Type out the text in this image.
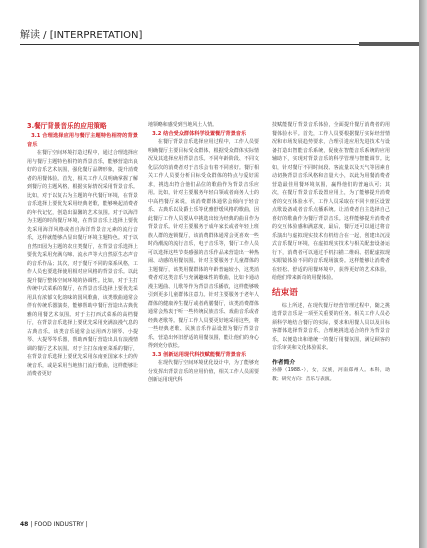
解读 / [INTERPRETATION]
3.餐厅背景音乐的应用策略
3.1 合理选择应用与餐厅主题特色相符的背景音乐

在餐厅空间环境打造过程中，通过合理选择应用与餐厅主题特色相符的背景音乐，能够营造出良好的音乐艺术氛围，强化餐厅品牌形象，提升消费者的用餐体验。首先，相关工作人员明确掌握了解到餐厅的主题风格，根据实际情况采用背景音乐。比如，对于以复古为主题的年代餐厅环境，在背景音乐选择上要优先采用经典老歌，能够唤起消费者的年代记忆，创造出温馨的艺术氛围。对于以海洋为主题的时尚餐厅环境，在背景音乐上选择上要优先采用海洋风格或者自海洋背景音元素的流行音乐，这样就能够凸显出餐厅环境主题特色。对于以自然田园为主题的农庄类餐厅，在背景音乐选择上要优先采用充满乌啼、流水声等大自然原生态声音的音乐作品；其次，对于餐厅不同的菜系风格，工作人员也要选择使用相对应风格的背景音乐。以此提升餐厅整体空间环境的协调性。比如，对于主打传统中式菜系的餐厅，在背景音乐选择上要优先采用具有浓郁文化韵味的国风歌曲，该类歌曲通常会伴有传统乐器演奏，能够帮助中餐厅营造出古典优雅的用餐艺术氛围。对于主打西式菜系的高档餐厅，在背景音乐选择上要优先采用充满浪漫气息的古典音乐。该类音乐通常会运用西方钢琴、小提琴、大提琴等乐器，帮助西餐厅营造出具有浪漫情调的餐厅艺术氛围。对于主打东南亚菜系的餐厅，在背景音乐选择上要优先采用东南亚国家本土的传统音乐，或是采用当地热门流行歌曲，这样能够让消费者更好

地领略和感受到当地风土人情。

3.2 结合受众群体科学设置餐厅背景音乐

在餐厅背景音乐选择应用过程中，工作人员要明确餐厅主要目标受众群体，根据受众群体实际情况及其选择应用背景音乐。不同年龄阶段、不同文化层次的消费者对于音乐会有着不同喜好。餐厅相关工作人员要分析目标受众群体的特点与爱好需求，挑选出符合他们品位的歌曲作为背景音乐应用。比如，针对主要服务年轻白领或者商务人士的中高档餐厅来说，该消费群体通常会倾向于轻音乐、古典乐以及爵士乐等优雅舒缓风格的歌曲，因此餐厅工作人员要从中挑选出较为经典的曲目作为背景音乐。针对主要服务于成年家长或者年轻上班族人群的连锁餐厅，该消费群体通常会更喜欢一些时尚潮流的流行音乐，电子音乐等，餐厅工作人员可以选择这些节奏感强的音乐作品来营造出一种热闹、动感的用餐氛围。针对主要服务于儿童群体的主题餐厅，该类用餐群体的年龄普遍较小，这类消费者对这类音乐与充满趣味性的歌曲，比如卡通动漫主题曲、儿歌等作为背景音乐播放，这样能够吸引到更多儿童群体注意力。针对主要服务于老年人群体的健康养生餐厅或者药膳餐厅，该类消费群体通常会热衷于听一些传统民族音乐、戏曲音乐或者经典老歌等。餐厅工作人员要更好地采用这些，将一些经典老歌、民族音乐作品设置为餐厅背景音乐，营造出怀旧舒适的用餐氛围，能让他们的身心得到充分放松。

3.3 创新运用现代科技赋能餐厅背景音乐

在现代餐厅空间环境优化设计中，为了能够充分发挥出背景音乐的应用价值，相关工作人员需要创新运用现代科

技赋能餐厅背景音乐体验，全面提升餐厅消费者的用餐体验水平。首先，工作人员要根据餐厅实际经营情况和市场发展趋势要求，合理引进应用先进技术与设备打造出智能音乐系统，促使在智能音乐系统的应用辅助下，实现对背景音乐的科学管理与智能调节。比如，针对餐厅不同时间段、客流量以及天气等因素自动切换背景音乐风格和音量大小，以此为用餐消费者营造最佳用餐环境氛围，赢得他们的普遍认可；其次，在餐厅背景音乐设置应用上，为了能够提升消费者的交互体验水平，工作人员采取在不同卡座区设置点歌设备或者音乐点播系统。让消费者自主选择自己喜好的歌曲作为餐厅背景音乐。这样能够提升消费者的交互体验感和满意度，最后，餐厅还可以通过将音乐演出与虚拟现实技术有机结合在一起，创建出沉浸式音乐餐厅环境，在虚拟现实技术与相关配套设备运行下，消费者可以通过手机扫描二维码、搭配虚拟现实眼镜体验不同的音乐现场演奏。这样能够让消费者在轻松、舒适的用餐环境中，获得更好的艺术体验，给他们带来新奇的用餐体验。

结束语

综上所述，在现代餐厅经营管理过程中，随之挑选背景音乐是一项至关重要的任务。相关工作人员必须科学地结合餐厅的实际，要求和用餐人员以及目标客群体选择背景音乐，合理地挑选适合的作为背景音乐，以便造出和谐统一的餐厅用餐氛围，满足顾客的音乐审美和文化体验需求。

作者简介

孙静（1988.-），女，汉族，河南郑州人。本科，助教；研究方向：音乐与表演。

48 | FOOD INDUSTRY |
